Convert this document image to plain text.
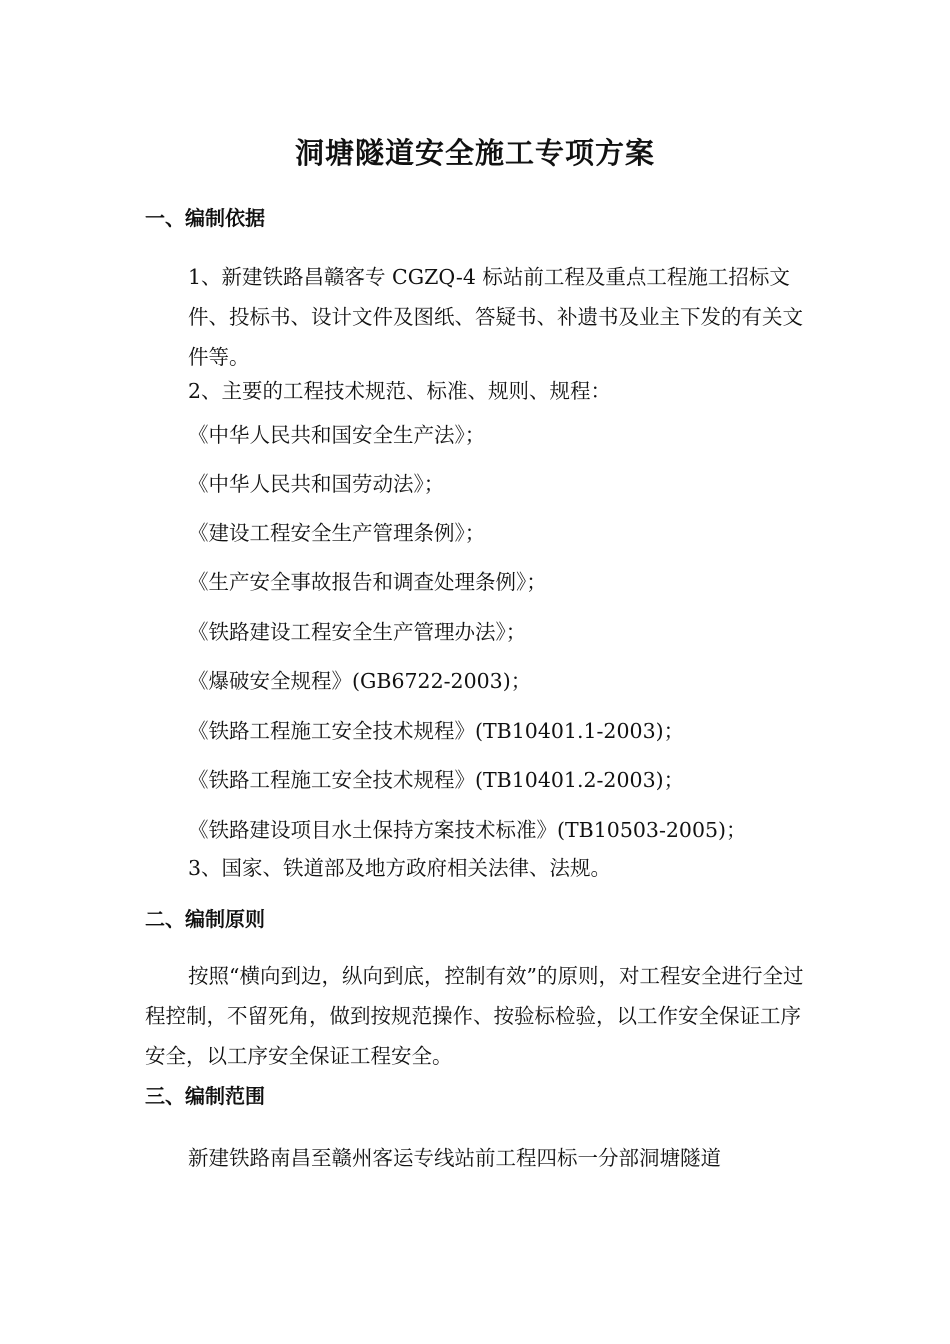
洞塘隧道安全施工专项方案
一、编制依据
1、新建铁路昌赣客专 CGZQ-4 标站前工程及重点工程施工招标文件、投标书、设计文件及图纸、答疑书、补遗书及业主下发的有关文件等。
2、主要的工程技术规范、标准、规则、规程：
《中华人民共和国安全生产法》；
《中华人民共和国劳动法》；
《建设工程安全生产管理条例》；
《生产安全事故报告和调查处理条例》；
《铁路建设工程安全生产管理办法》；
《爆破安全规程》(GB6722-2003)；
《铁路工程施工安全技术规程》(TB10401.1-2003)；
《铁路工程施工安全技术规程》(TB10401.2-2003)；
《铁路建设项目水土保持方案技术标准》(TB10503-2005)；
3、国家、铁道部及地方政府相关法律、法规。
二、编制原则
按照“横向到边，纵向到底，控制有效”的原则，对工程安全进行全过程控制，不留死角，做到按规范操作、按验标检验，以工作安全保证工序安全，以工序安全保证工程安全。
三、编制范围
新建铁路南昌至赣州客运专线站前工程四标一分部洞塘隧道
